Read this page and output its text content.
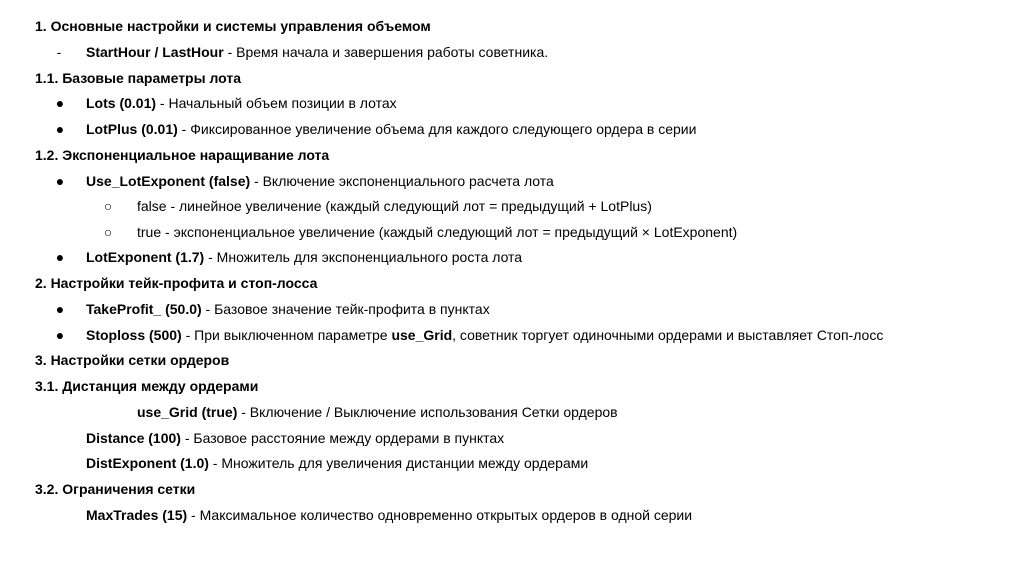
1. Основные настройки и системы управления объемом
- StartHour / LastHour - Время начала и завершения работы советника.
1.1. Базовые параметры лота
● Lots (0.01) - Начальный объем позиции в лотах
● LotPlus (0.01) - Фиксированное увеличение объема для каждого следующего ордера в серии
1.2. Экспоненциальное наращивание лота
● Use_LotExponent (false) - Включение экспоненциального расчета лота
○ false - линейное увеличение (каждый следующий лот = предыдущий + LotPlus)
○ true - экспоненциальное увеличение (каждый следующий лот = предыдущий × LotExponent)
● LotExponent (1.7) - Множитель для экспоненциального роста лота
2. Настройки тейк-профита и стоп-лосса
● TakeProfit_ (50.0) - Базовое значение тейк-профита в пунктах
● Stoploss (500) - При выключенном параметре use_Grid, советник торгует одиночными ордерами и выставляет Стоп-лосс
3. Настройки сетки ордеров
3.1. Дистанция между ордерами
use_Grid (true) - Включение / Выключение использования Сетки ордеров
Distance (100) - Базовое расстояние между ордерами в пунктах
DistExponent (1.0) - Множитель для увеличения дистанции между ордерами
3.2. Ограничения сетки
MaxTrades (15) - Максимальное количество одновременно открытых ордеров в одной серии
